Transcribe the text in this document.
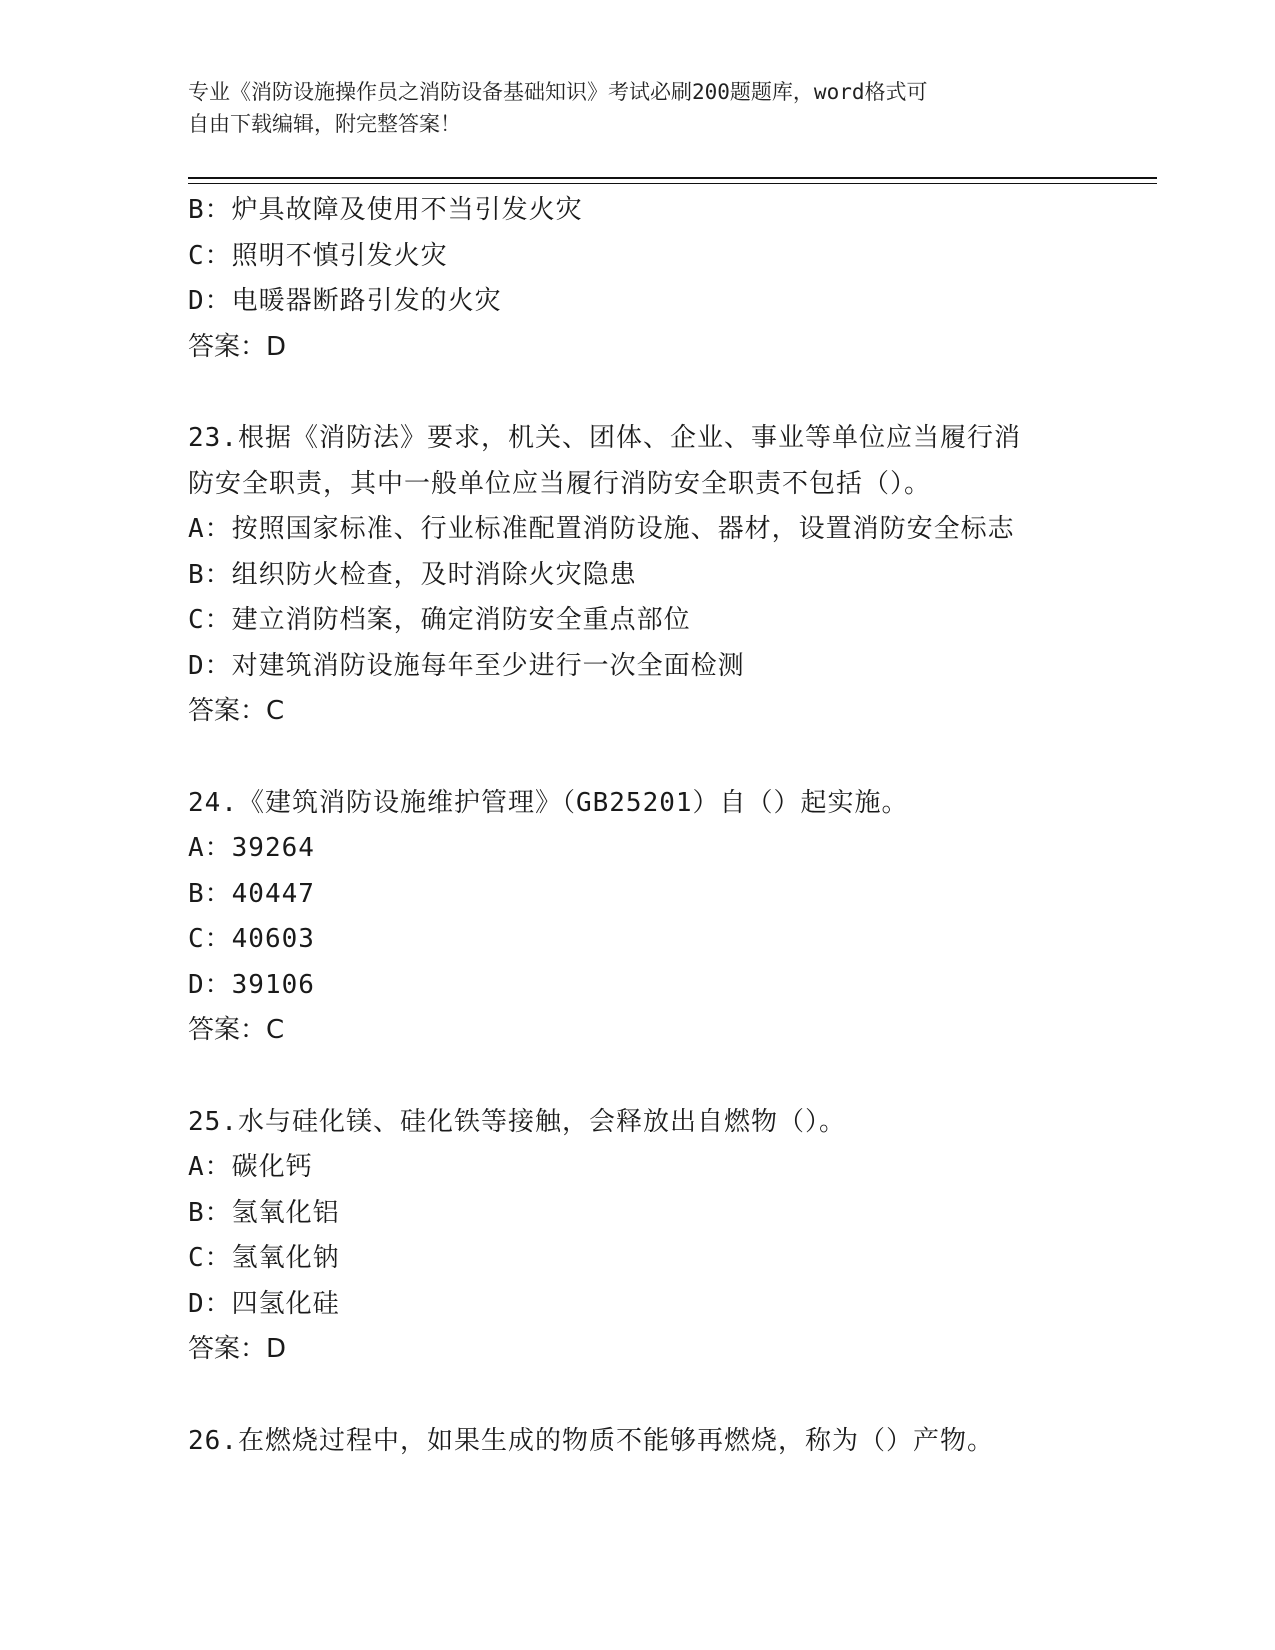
专业《消防设施操作员之消防设备基础知识》考试必刷200题题库，word格式可
自由下载编辑，附完整答案！
B：炉具故障及使用不当引发火灾
C：照明不慎引发火灾
D：电暖器断路引发的火灾
答案：D
23.根据《消防法》要求，机关、团体、企业、事业等单位应当履行消
防安全职责，其中一般单位应当履行消防安全职责不包括（）。
A：按照国家标准、行业标准配置消防设施、器材，设置消防安全标志
B：组织防火检查，及时消除火灾隐患
C：建立消防档案，确定消防安全重点部位
D：对建筑消防设施每年至少进行一次全面检测
答案：C
24.《建筑消防设施维护管理》（GB25201）自（）起实施。
A：39264
B：40447
C：40603
D：39106
答案：C
25.水与硅化镁、硅化铁等接触，会释放出自燃物（）。
A：碳化钙
B：氢氧化铝
C：氢氧化钠
D：四氢化硅
答案：D
26.在燃烧过程中，如果生成的物质不能够再燃烧，称为（）产物。
